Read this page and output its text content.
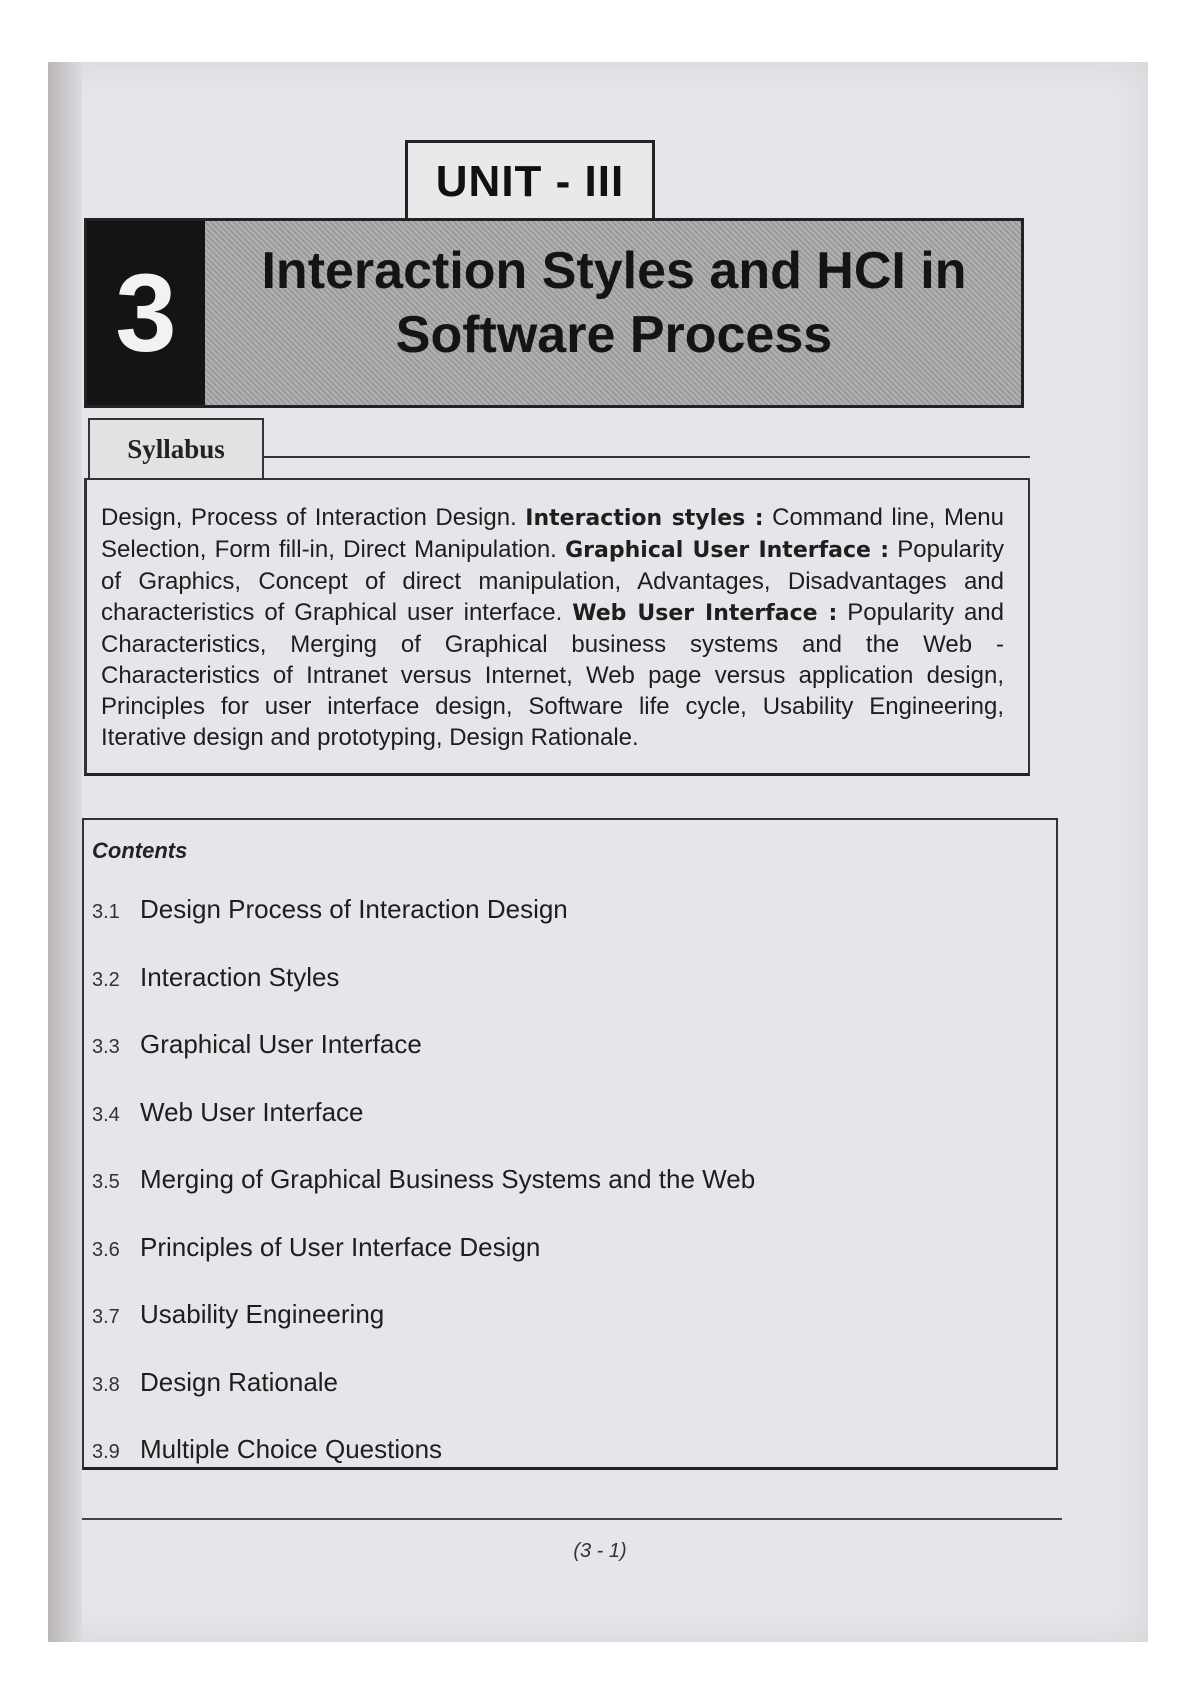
UNIT - III
3	Interaction Styles and HCI in
Software Process
Syllabus

Design, Process of Interaction Design. Interaction styles : Command line, Menu Selection, Form fill-in, Direct Manipulation. Graphical User Interface : Popularity of Graphics, Concept of direct manipulation, Advantages, Disadvantages and characteristics of Graphical user interface. Web User Interface : Popularity and Characteristics, Merging of Graphical business systems and the Web - Characteristics of Intranet versus Internet, Web page versus application design, Principles for user interface design, Software life cycle, Usability Engineering, Iterative design and prototyping, Design Rationale.

Contents
3.1 Design Process of Interaction Design
3.2 Interaction Styles
3.3 Graphical User Interface
3.4 Web User Interface
3.5 Merging of Graphical Business Systems and the Web
3.6 Principles of User Interface Design
3.7 Usability Engineering
3.8 Design Rationale
3.9 Multiple Choice Questions
(3 - 1)
